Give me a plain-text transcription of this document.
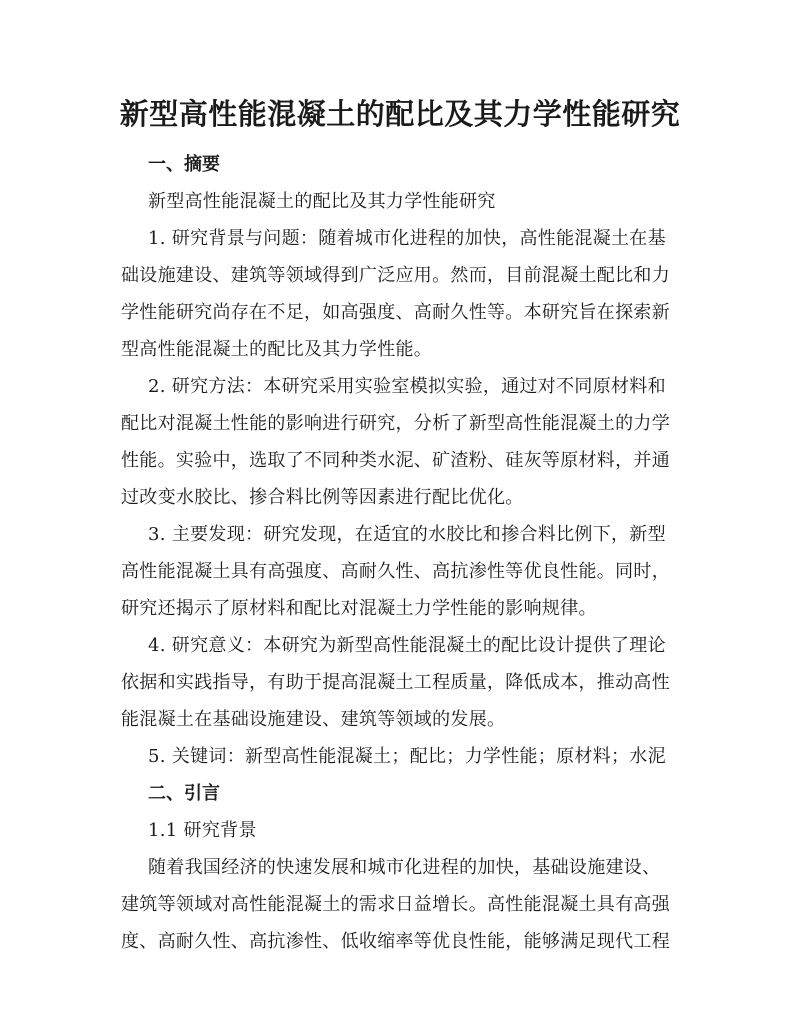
新型高性能混凝土的配比及其力学性能研究
一、摘要
新型高性能混凝土的配比及其力学性能研究
1. 研究背景与问题：随着城市化进程的加快，高性能混凝土在基
础设施建设、建筑等领域得到广泛应用。然而，目前混凝土配比和力
学性能研究尚存在不足，如高强度、高耐久性等。本研究旨在探索新
型高性能混凝土的配比及其力学性能。
2. 研究方法：本研究采用实验室模拟实验，通过对不同原材料和
配比对混凝土性能的影响进行研究，分析了新型高性能混凝土的力学
性能。实验中，选取了不同种类水泥、矿渣粉、硅灰等原材料，并通
过改变水胶比、掺合料比例等因素进行配比优化。
3. 主要发现：研究发现，在适宜的水胶比和掺合料比例下，新型
高性能混凝土具有高强度、高耐久性、高抗渗性等优良性能。同时，
研究还揭示了原材料和配比对混凝土力学性能的影响规律。
4. 研究意义：本研究为新型高性能混凝土的配比设计提供了理论
依据和实践指导，有助于提高混凝土工程质量，降低成本，推动高性
能混凝土在基础设施建设、建筑等领域的发展。
5. 关键词：新型高性能混凝土；配比；力学性能；原材料；水泥
二、引言
1.1 研究背景
随着我国经济的快速发展和城市化进程的加快，基础设施建设、
建筑等领域对高性能混凝土的需求日益增长。高性能混凝土具有高强
度、高耐久性、高抗渗性、低收缩率等优良性能，能够满足现代工程
